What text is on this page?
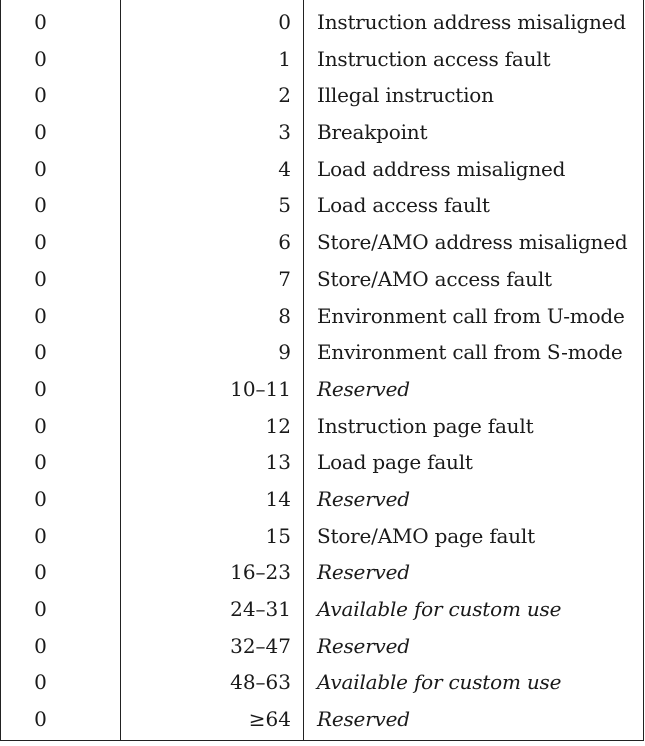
0	0 Instruction address misaligned
0	1 Instruction access fault
0	2 Illegal instruction
0	3 Breakpoint
0	4 Load address misaligned
0	5 Load access fault
0	6 Store/AMO address misaligned
0	7 Store/AMO access fault
0	8 Environment call from U-mode
0	9 Environment call from S-mode
0	10–11 Reserved
0	12 Instruction page fault
0	13 Load page fault
0	14 Reserved
0	15 Store/AMO page fault
0	16–23 Reserved
0	24–31 Available for custom use
0	32–47 Reserved
0	48–63 Available for custom use
0	≥64 Reserved
